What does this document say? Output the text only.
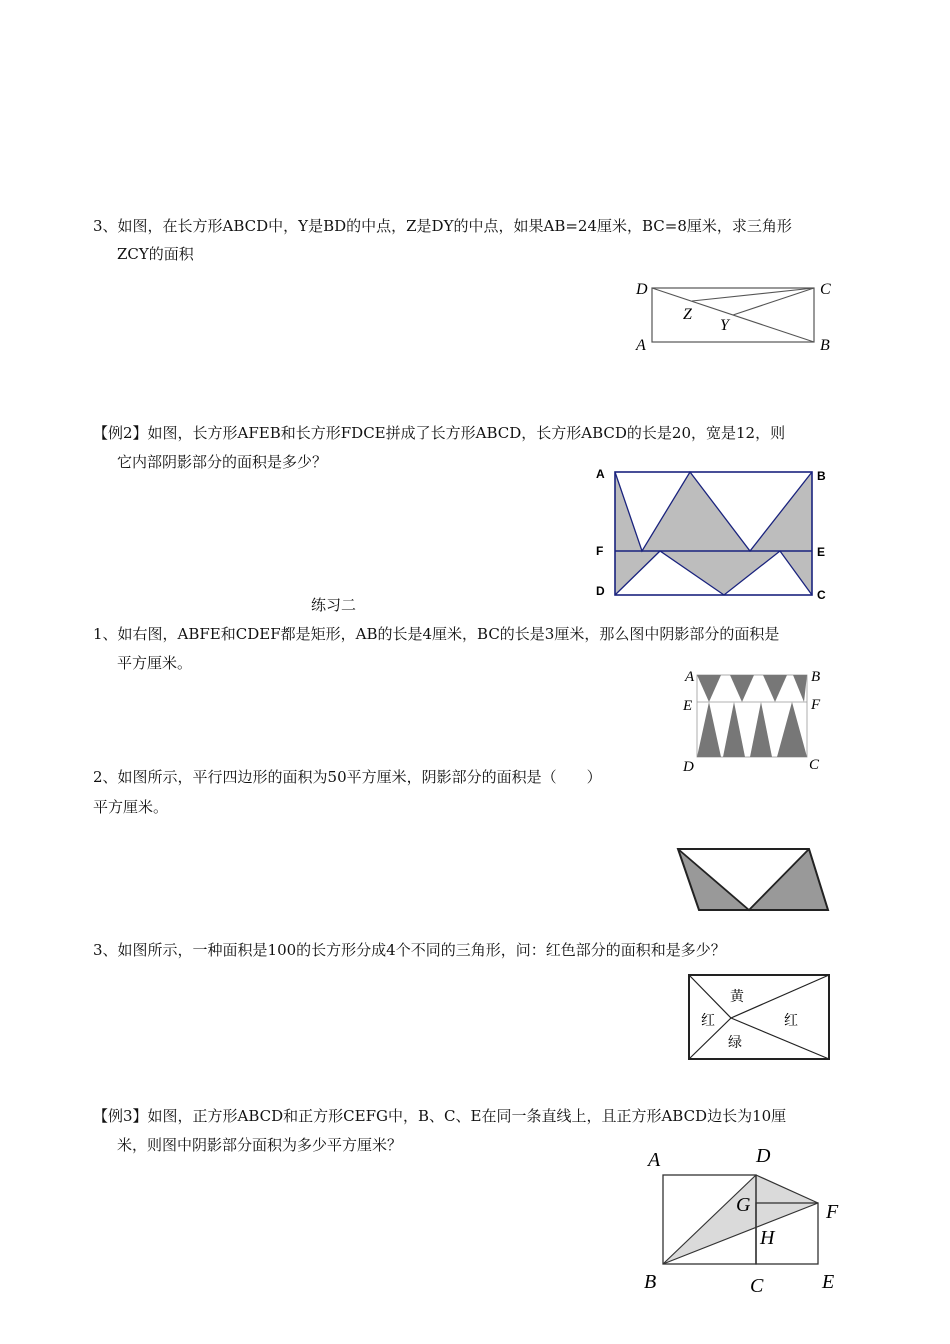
3、如图，在长方形ABCD中，Y是BD的中点，Z是DY的中点，如果AB=24厘米，BC=8厘米，求三角形
ZCY的面积
D	C
A	B
Z
Y
【例2】如图，长方形AFEB和长方形FDCE拼成了长方形ABCD，长方形ABCD的长是20，宽是12，则
它内部阴影部分的面积是多少？
A	B
F	E
D	C
练习二
1、如右图，ABFE和CDEF都是矩形，AB的长是4厘米，BC的长是3厘米，那么图中阴影部分的面积是
平方厘米。
A	B
E	F
D	C
2、如图所示，平行四边形的面积为50平方厘米，阴影部分的面积是（　　）
平方厘米。
3、如图所示，一种面积是100的长方形分成4个不同的三角形，问：红色部分的面积和是多少？
黄
红	红
绿
【例3】如图，正方形ABCD和正方形CEFG中，B、C、E在同一条直线上，且正方形ABCD边长为10厘
米，则图中阴影部分面积为多少平方厘米？
A	D
G	F
H
B	C	E
